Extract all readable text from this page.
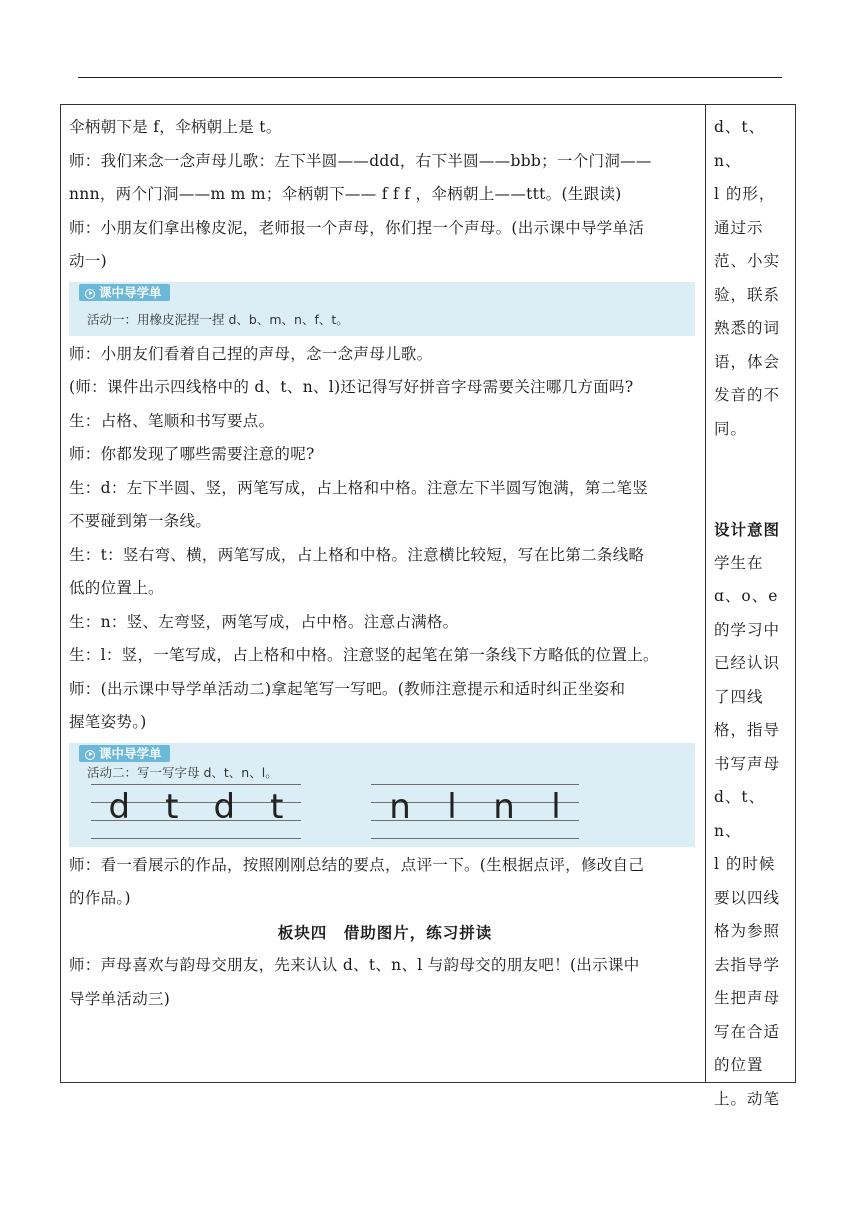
伞柄朝下是 f，伞柄朝上是 t。

师：我们来念一念声母儿歌：左下半圆——ddd，右下半圆——bbb；一个门洞——

nnn，两个门洞——m m m；伞柄朝下—— f f f ，伞柄朝上——ttt。(生跟读)

师：小朋友们拿出橡皮泥，老师报一个声母，你们捏一个声母。(出示课中导学单活

动一)

课中导学单
活动一：用橡皮泥捏一捏 d、b、m、n、f、t。

师：小朋友们看着自己捏的声母，念一念声母儿歌。

(师：课件出示四线格中的 d、t、n、l)还记得写好拼音字母需要关注哪几方面吗?

生：占格、笔顺和书写要点。

师：你都发现了哪些需要注意的呢?

生：d：左下半圆、竖，两笔写成，占上格和中格。注意左下半圆写饱满，第二笔竖

不要碰到第一条线。

生：t：竖右弯、横，两笔写成，占上格和中格。注意横比较短，写在比第二条线略

低的位置上。

生：n：竖、左弯竖，两笔写成，占中格。注意占满格。

生：l：竖，一笔写成，占上格和中格。注意竖的起笔在第一条线下方略低的位置上。

师：(出示课中导学单活动二)拿起笔写一写吧。(教师注意提示和适时纠正坐姿和

握笔姿势。)

课中导学单
活动二：写一写字母 d、t、n、l。
d t d t	n l n l

师：看一看展示的作品，按照刚刚总结的要点，点评一下。(生根据点评，修改自己

的作品。)

板块四　借助图片，练习拼读

师：声母喜欢与韵母交朋友，先来认认 d、t、n、l 与韵母交的朋友吧！(出示课中

导学单活动三)

d、t、n、

l 的形，

通过示

范、小实

验，联系

熟悉的词

语，体会

发音的不

同。

设计意图

学生在

ɑ、o、e

的学习中

已经认识

了四线

格，指导

书写声母

d、t、n、

l 的时候

要以四线

格为参照

去指导学

生把声母

写在合适

的位置

上。动笔
